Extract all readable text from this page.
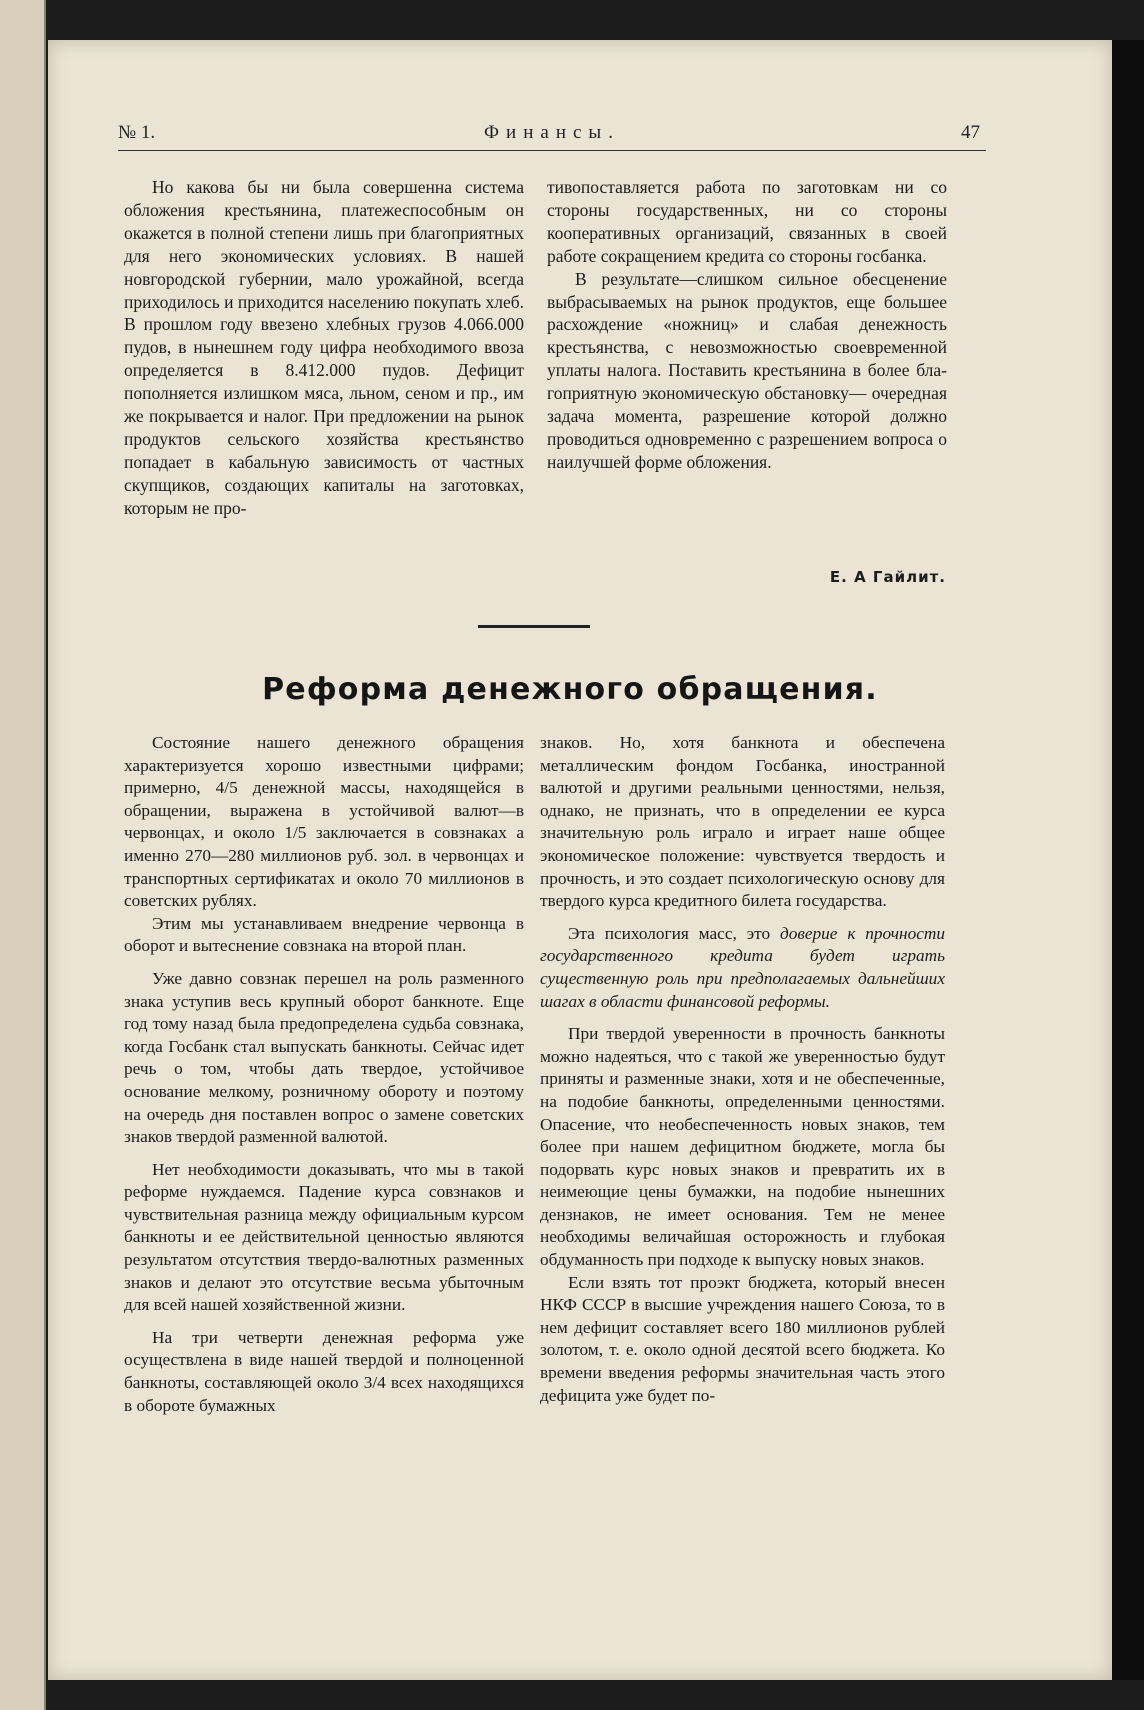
№ 1.	Финансы.	47

Но какова бы ни была совершенна система обложения крестьянина, платежеспособным он окажется в полной степени лишь при благоприятных для него экономических условиях. В нашей новгородской губернии, мало урожайной, всегда приходилось и приходится населению покупать хлеб. В прошлом году ввезено хлебных грузов 4.066.000 пудов, в нынешнем году цифра необходимого ввоза определяется в 8.412.000 пудов. Дефицит пополняется излишком мяса, льном, сеном и пр., им же покрывается и налог. При предложении на рынок продуктов сельского хозяйства крестьянство попадает в кабальную зависимость от частных скупщиков, создающих капиталы на заготовках, которым не про-

тивопоставляется работа по заготовкам ни со стороны государственных, ни со стороны кооперативных организаций, связанных в своей работе сокращением кредита со стороны госбанка.

В результате—слишком сильное обесценение выбрасываемых на рынок продуктов, еще большее расхождение «ножниц» и слабая денежность крестьянства, с невозможностью своевременной уплаты налога. Поставить крестьянина в более благоприятную экономическую обстановку— очередная задача момента, разрешение которой должно проводиться одновременно с разрешением вопроса о наилучшей форме обложения.

Е. А Гайлит.
Реформа денежного обращения.

Состояние нашего денежного обращения характеризуется хорошо известными цифрами; примерно, 4/5 денежной массы, находящейся в обращении, выражена в устойчивой валют—в червонцах, и около 1/5 заключается в совзнаках а именно 270—280 миллионов руб. зол. в червонцах и транспортных сертификатах и около 70 миллионов в советских рублях.

Этим мы устанавливаем внедрение червонца в оборот и вытеснение совзнака на второй план.

Уже давно совзнак перешел на роль разменного знака уступив весь крупный оборот банкноте. Еще год тому назад была предопределена судьба совзнака, когда Госбанк стал выпускать банкноты. Сейчас идет речь о том, чтобы дать твердое, устойчивое основание мелкому, розничному обороту и поэтому на очередь дня поставлен вопрос о замене советских знаков твердой разменной валютой.

Нет необходимости доказывать, что мы в такой реформе нуждаемся. Падение курса совзнаков и чувствительная разница между официальным курсом банкноты и ее действительной ценностью являются результатом отсутствия твердо-валютных разменных знаков и делают это отсутствие весьма убыточным для всей нашей хозяйственной жизни.

На три четверти денежная реформа уже осуществлена в виде нашей твердой и полноценной банкноты, составляющей около 3/4 всех находящихся в обороте бумажных

знаков. Но, хотя банкнота и обеспечена металлическим фондом Госбанка, иностранной валютой и другими реальными ценностями, нельзя, однако, не признать, что в определении ее курса значительную роль играло и играет наше общее экономическое положение: чувствуется твердость и прочность, и это создает психологическую основу для твердого курса кредитного билета государства.

Эта психология масс, это доверие к прочности государственного кредита будет играть существенную роль при предполагаемых дальнейших шагах в области финансовой реформы.

При твердой уверенности в прочность банкноты можно надеяться, что с такой же уверенностью будут приняты и разменные знаки, хотя и не обеспеченные, на подобие банкноты, определенными ценностями. Опасение, что необеспеченность новых знаков, тем более при нашем дефицитном бюджете, могла бы подорвать курс новых знаков и превратить их в неимеющие цены бумажки, на подобие нынешних дензнаков, не имеет основания. Тем не менее необходимы величайшая осторожность и глубокая обдуманность при подходе к выпуску новых знаков.

Если взять тот проэкт бюджета, который внесен НКФ СССР в высшие учреждения нашего Союза, то в нем дефицит составляет всего 180 миллионов рублей золотом, т. е. около одной десятой всего бюджета. Ко времени введения реформы значительная часть этого дефицита уже будет по-
